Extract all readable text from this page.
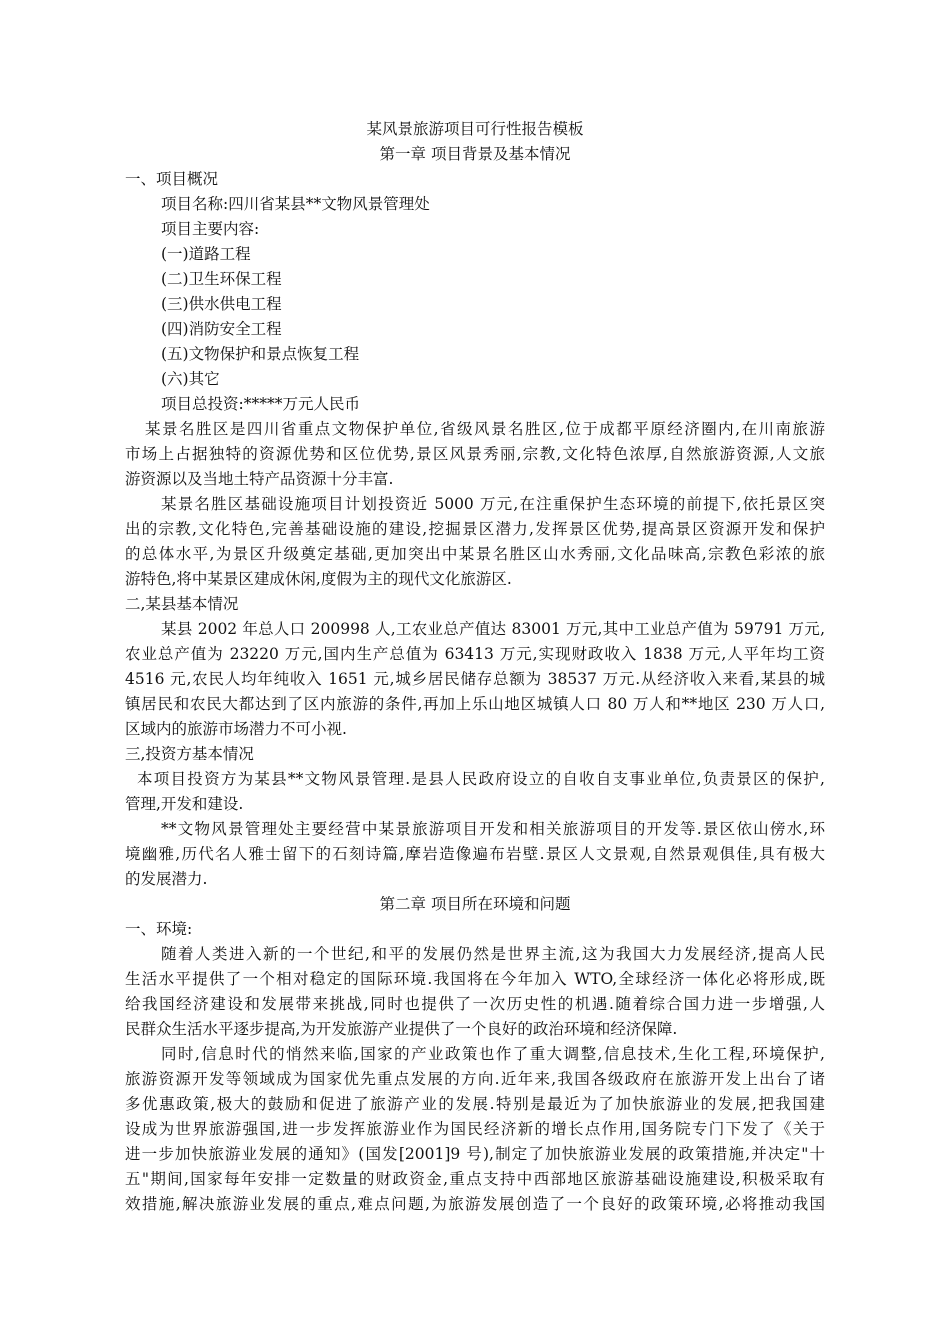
某风景旅游项目可行性报告模板
第一章 项目背景及基本情况
一、项目概况
项目名称:四川省某县**文物风景管理处
项目主要内容:
(一)道路工程
(二)卫生环保工程
(三)供水供电工程
(四)消防安全工程
(五)文物保护和景点恢复工程
(六)其它
项目总投资:*****万元人民币
某景名胜区是四川省重点文物保护单位,省级风景名胜区,位于成都平原经济圈内,在川南旅游
市场上占据独特的资源优势和区位优势,景区风景秀丽,宗教,文化特色浓厚,自然旅游资源,人文旅
游资源以及当地土特产品资源十分丰富.
某景名胜区基础设施项目计划投资近 5000 万元,在注重保护生态环境的前提下,依托景区突
出的宗教,文化特色,完善基础设施的建设,挖掘景区潜力,发挥景区优势,提高景区资源开发和保护
的总体水平,为景区升级奠定基础,更加突出中某景名胜区山水秀丽,文化品味高,宗教色彩浓的旅
游特色,将中某景区建成休闲,度假为主的现代文化旅游区.
二,某县基本情况
某县 2002 年总人口 200998 人,工农业总产值达 83001 万元,其中工业总产值为 59791 万元,
农业总产值为 23220 万元,国内生产总值为 63413 万元,实现财政收入 1838 万元,人平年均工资
4516 元,农民人均年纯收入 1651 元,城乡居民储存总额为 38537 万元.从经济收入来看,某县的城
镇居民和农民大都达到了区内旅游的条件,再加上乐山地区城镇人口 80 万人和**地区 230 万人口,
区域内的旅游市场潜力不可小视.
三,投资方基本情况
本项目投资方为某县**文物风景管理.是县人民政府设立的自收自支事业单位,负责景区的保护,
管理,开发和建设.
**文物风景管理处主要经营中某景旅游项目开发和相关旅游项目的开发等.景区依山傍水,环
境幽雅,历代名人雅士留下的石刻诗篇,摩岩造像遍布岩壁.景区人文景观,自然景观俱佳,具有极大
的发展潜力.
第二章 项目所在环境和问题
一、环境:
随着人类进入新的一个世纪,和平的发展仍然是世界主流,这为我国大力发展经济,提高人民
生活水平提供了一个相对稳定的国际环境.我国将在今年加入 WTO,全球经济一体化必将形成,既
给我国经济建设和发展带来挑战,同时也提供了一次历史性的机遇.随着综合国力进一步增强,人
民群众生活水平逐步提高,为开发旅游产业提供了一个良好的政治环境和经济保障.
同时,信息时代的悄然来临,国家的产业政策也作了重大调整,信息技术,生化工程,环境保护,
旅游资源开发等领域成为国家优先重点发展的方向.近年来,我国各级政府在旅游开发上出台了诸
多优惠政策,极大的鼓励和促进了旅游产业的发展.特别是最近为了加快旅游业的发展,把我国建
设成为世界旅游强国,进一步发挥旅游业作为国民经济新的增长点作用,国务院专门下发了《关于
进一步加快旅游业发展的通知》(国发[2001]9 号),制定了加快旅游业发展的政策措施,并决定"十
五"期间,国家每年安排一定数量的财政资金,重点支持中西部地区旅游基础设施建设,积极采取有
效措施,解决旅游业发展的重点,难点问题,为旅游发展创造了一个良好的政策环境,必将推动我国
